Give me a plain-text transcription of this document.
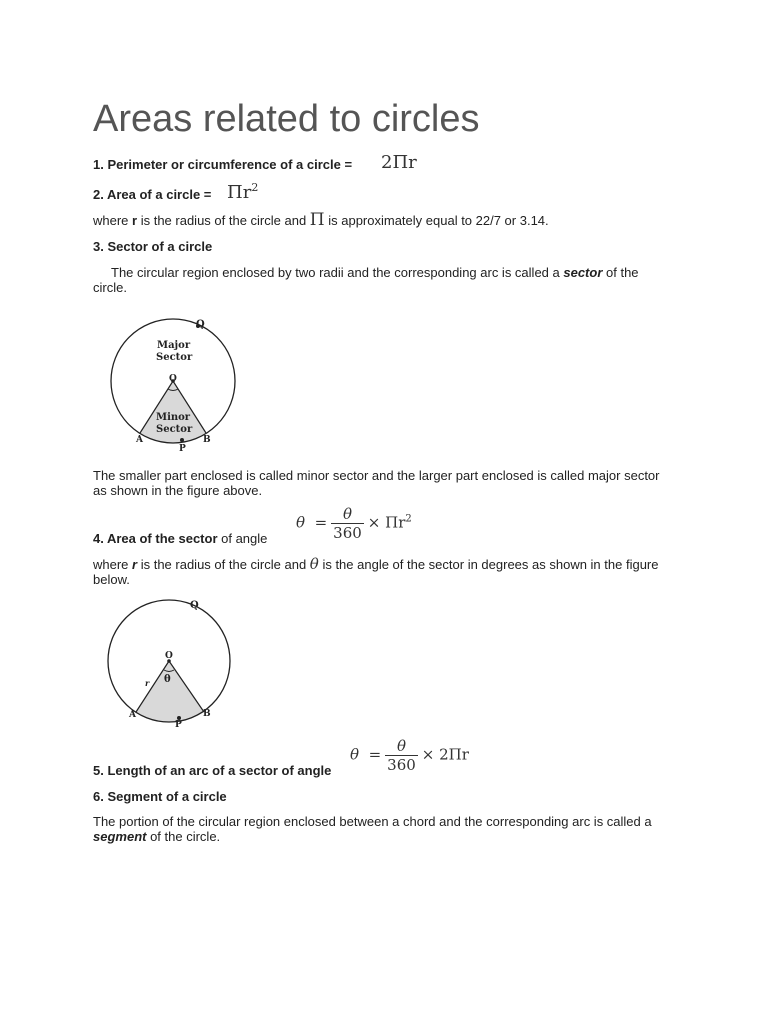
Areas related to circles
1. Perimeter or circumference of a circle = 2Πr
2. Area of a circle = $\Pi r^2$
where r is the radius of the circle and Π is approximately equal to 22/7 or 3.14.
3. Sector of a circle
The circular region enclosed by two radii and the corresponding arc is called a sector of the circle.
Q
Major
Sector
O
Minor
Sector
A	B
P
The smaller part enclosed is called minor sector and the larger part enclosed is called major sector as shown in the figure above.
4. Area of the sector of angle
$\theta = \frac{\theta}{360} \times \Pi r^2$
where r is the radius of the circle and θ is the angle of the sector in degrees as shown in the figure below.
Q
O
r θ
A	B
P
5. Length of an arc of a sector of angle
$\theta = \frac{\theta}{360} \times 2\Pi r$
6. Segment of a circle
The portion of the circular region enclosed between a chord and the corresponding arc is called a segment of the circle.
